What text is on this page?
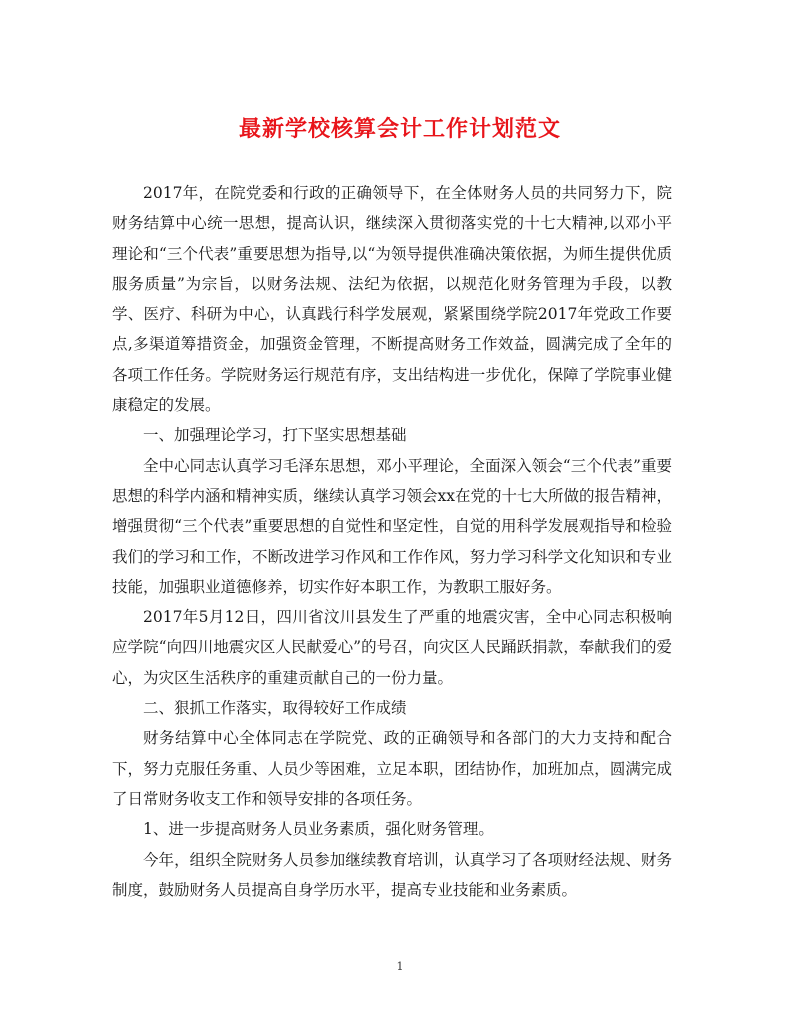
最新学校核算会计工作计划范文

2017年，在院党委和行政的正确领导下，在全体财务人员的共同努力下，院财务结算中心统一思想，提高认识，继续深入贯彻落实党的十七大精神,以邓小平理论和“三个代表”重要思想为指导,以“为领导提供准确决策依据，为师生提供优质服务质量”为宗旨，以财务法规、法纪为依据，以规范化财务管理为手段，以教学、医疗、科研为中心，认真践行科学发展观，紧紧围绕学院2017年党政工作要点,多渠道筹措资金，加强资金管理，不断提高财务工作效益，圆满完成了全年的各项工作任务。学院财务运行规范有序，支出结构进一步优化，保障了学院事业健康稳定的发展。

一、加强理论学习，打下坚实思想基础

全中心同志认真学习毛泽东思想，邓小平理论，全面深入领会“三个代表”重要思想的科学内涵和精神实质，继续认真学习领会xx在党的十七大所做的报告精神，增强贯彻“三个代表”重要思想的自觉性和坚定性，自觉的用科学发展观指导和检验我们的学习和工作，不断改进学习作风和工作作风，努力学习科学文化知识和专业技能，加强职业道德修养，切实作好本职工作，为教职工服好务。

2017年5月12日，四川省汶川县发生了严重的地震灾害，全中心同志积极响应学院“向四川地震灾区人民献爱心”的号召，向灾区人民踊跃捐款，奉献我们的爱心，为灾区生活秩序的重建贡献自己的一份力量。

二、狠抓工作落实，取得较好工作成绩

财务结算中心全体同志在学院党、政的正确领导和各部门的大力支持和配合下，努力克服任务重、人员少等困难，立足本职，团结协作，加班加点，圆满完成了日常财务收支工作和领导安排的各项任务。

1、进一步提高财务人员业务素质，强化财务管理。

今年，组织全院财务人员参加继续教育培训，认真学习了各项财经法规、财务制度，鼓励财务人员提高自身学历水平，提高专业技能和业务素质。

1
